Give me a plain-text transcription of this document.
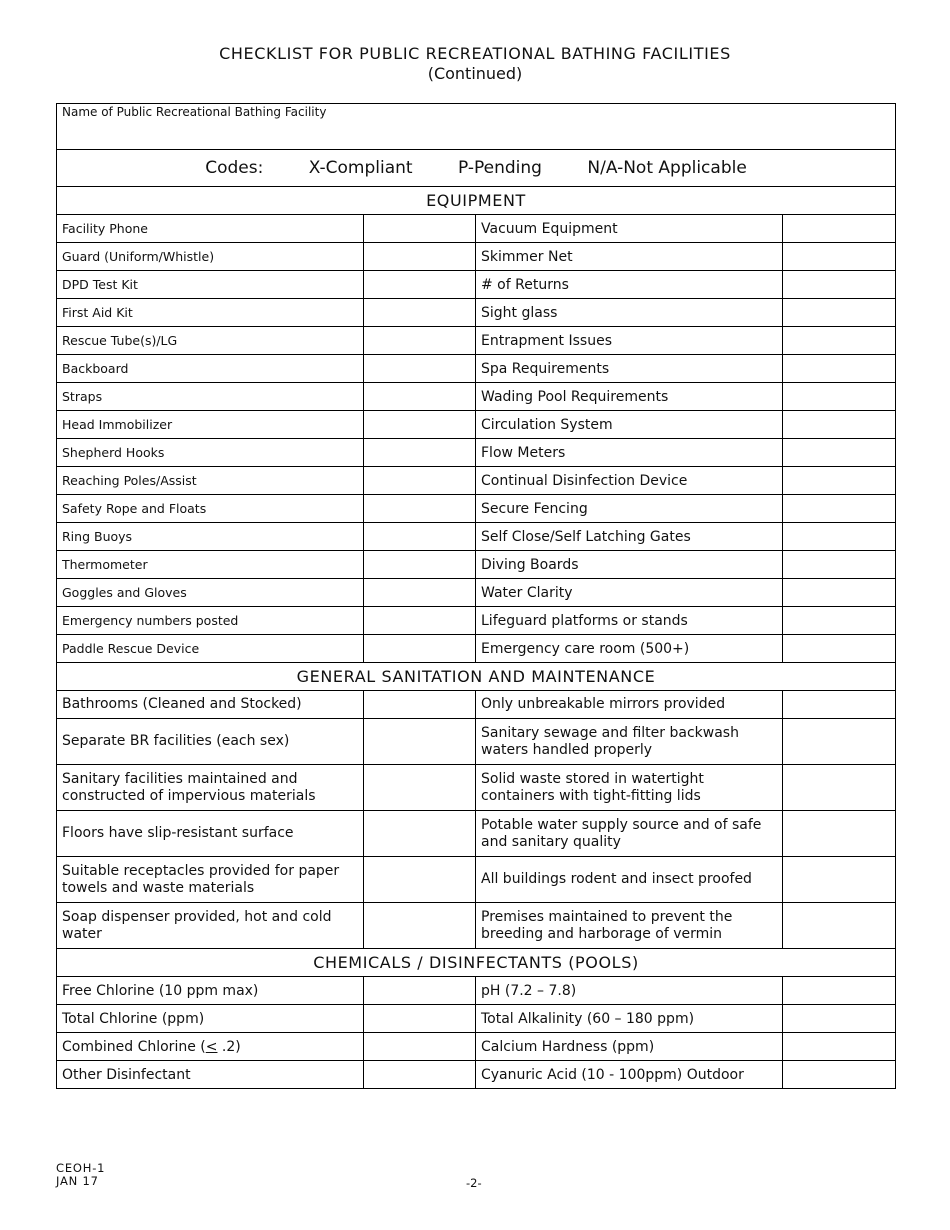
CHECKLIST FOR PUBLIC RECREATIONAL BATHING FACILITIES
(Continued)
Name of Public Recreational Bathing Facility			

Codes: X-Compliant P-Pending N/A-Not Applicable			
EQUIPMENT			
Facility Phone		Vacuum Equipment	
Guard (Uniform/Whistle)		Skimmer Net	
DPD Test Kit		# of Returns	
First Aid Kit		Sight glass	
Rescue Tube(s)/LG		Entrapment Issues	
Backboard		Spa Requirements	
Straps		Wading Pool Requirements	
Head Immobilizer		Circulation System	
Shepherd Hooks		Flow Meters	
Reaching Poles/Assist		Continual Disinfection Device	
Safety Rope and Floats		Secure Fencing	
Ring Buoys		Self Close/Self Latching Gates	
Thermometer		Diving Boards	
Goggles and Gloves		Water Clarity	
Emergency numbers posted		Lifeguard platforms or stands	
Paddle Rescue Device		Emergency care room (500+)	
GENERAL SANITATION AND MAINTENANCE			
Bathrooms (Cleaned and Stocked)		Only unbreakable mirrors provided	
Separate BR facilities (each sex)		Sanitary sewage and filter backwash waters handled properly	
Sanitary facilities maintained and constructed of impervious materials		Solid waste stored in watertight containers with tight-fitting lids	
Floors have slip-resistant surface		Potable water supply source and of safe and sanitary quality	
Suitable receptacles provided for paper towels and waste materials		All buildings rodent and insect proofed	
Soap dispenser provided, hot and cold water		Premises maintained to prevent the breeding and harborage of vermin	
CHEMICALS / DISINFECTANTS (POOLS)			
Free Chlorine (10 ppm max)		pH (7.2 – 7.8)	
Total Chlorine (ppm)		Total Alkalinity (60 – 180 ppm)	
Combined Chlorine (≤ .2)		Calcium Hardness (ppm)	
Other Disinfectant		Cyanuric Acid (10 - 100ppm) Outdoor	
CEOH-1
JAN 17	-2-
